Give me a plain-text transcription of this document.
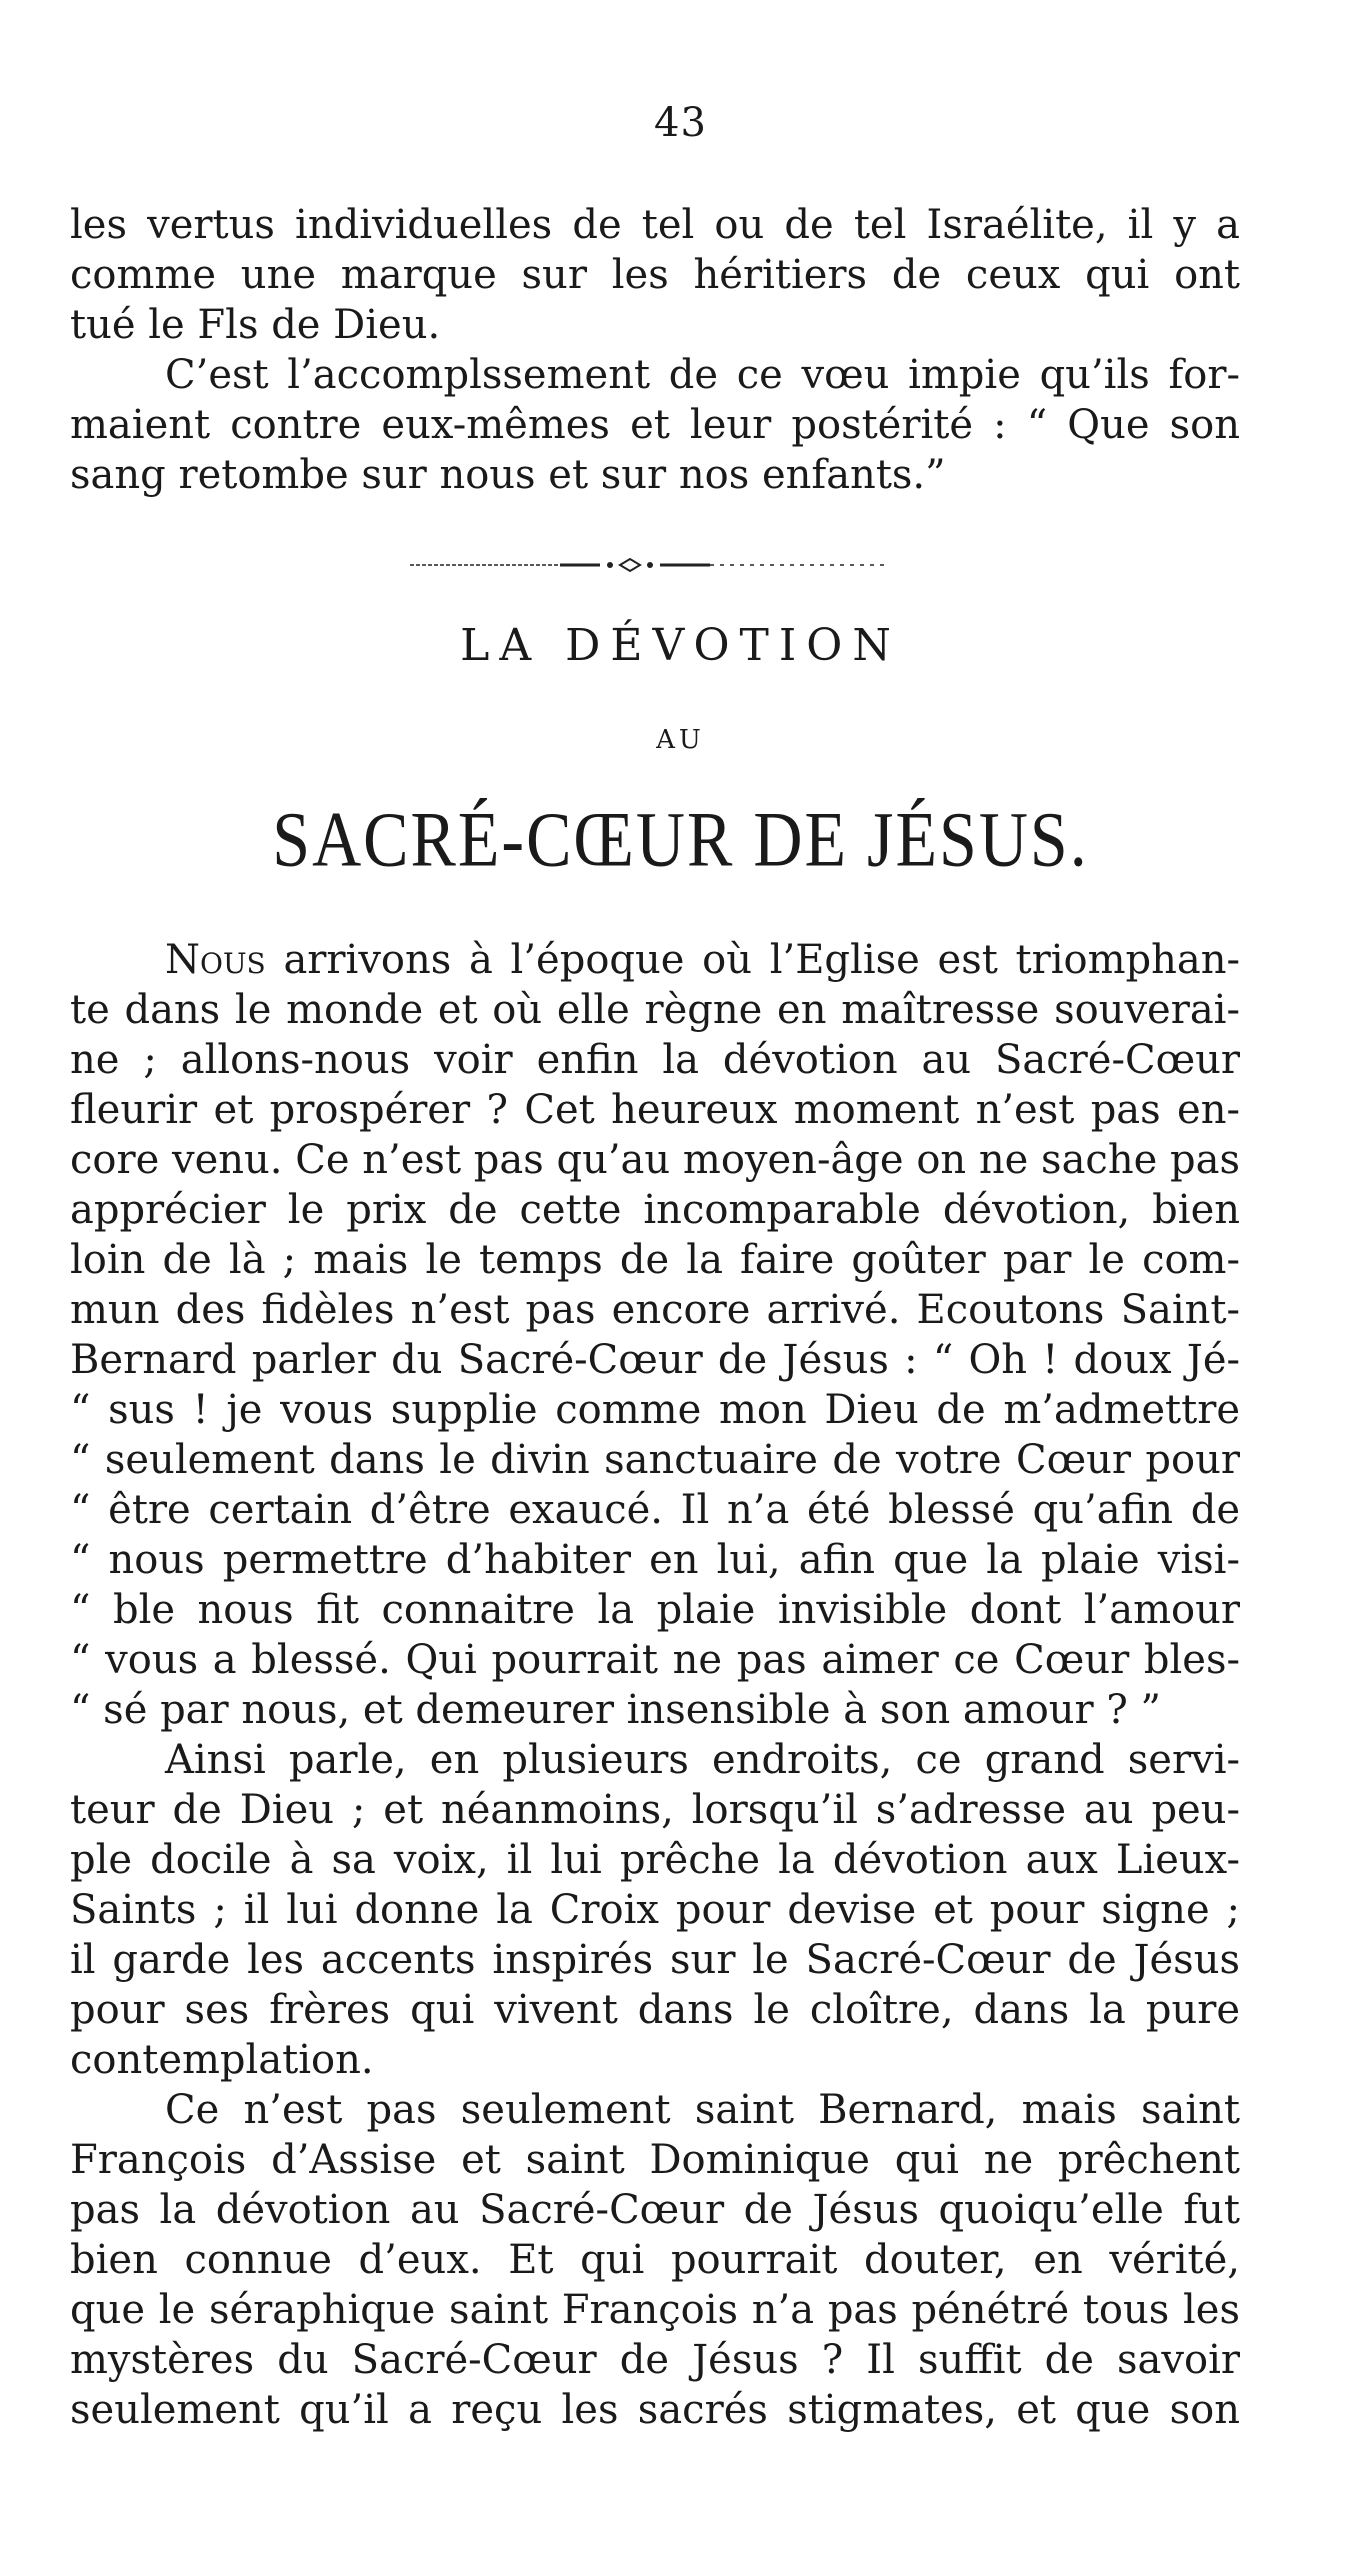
43
les vertus individuelles de tel ou de tel Israélite, il y a
comme une marque sur les héritiers de ceux qui ont
tué le Fls de Dieu.
C’est l’accomplssement de ce vœu impie qu’ils for-
maient contre eux-mêmes et leur postérité : “ Que son
sang retombe sur nous et sur nos enfants.”
LA DÉVOTION
AU
SACRÉ-CŒUR DE JÉSUS.
Nous arrivons à l’époque où l’Eglise est triomphan-
te dans le monde et où elle règne en maîtresse souverai-
ne ; allons-nous voir enfin la dévotion au Sacré-Cœur
fleurir et prospérer ? Cet heureux moment n’est pas en-
core venu. Ce n’est pas qu’au moyen-âge on ne sache pas
apprécier le prix de cette incomparable dévotion, bien
loin de là ; mais le temps de la faire goûter par le com-
mun des fidèles n’est pas encore arrivé. Ecoutons Saint-
Bernard parler du Sacré-Cœur de Jésus : “ Oh ! doux Jé-
“ sus ! je vous supplie comme mon Dieu de m’admettre
“ seulement dans le divin sanctuaire de votre Cœur pour
“ être certain d’être exaucé. Il n’a été blessé qu’afin de
“ nous permettre d’habiter en lui, afin que la plaie visi-
“ ble nous fit connaitre la plaie invisible dont l’amour
“ vous a blessé. Qui pourrait ne pas aimer ce Cœur bles-
“ sé par nous, et demeurer insensible à son amour ? ”
Ainsi parle, en plusieurs endroits, ce grand servi-
teur de Dieu ; et néanmoins, lorsqu’il s’adresse au peu-
ple docile à sa voix, il lui prêche la dévotion aux Lieux-
Saints ; il lui donne la Croix pour devise et pour signe ;
il garde les accents inspirés sur le Sacré-Cœur de Jésus
pour ses frères qui vivent dans le cloître, dans la pure
contemplation.
Ce n’est pas seulement saint Bernard, mais saint
François d’Assise et saint Dominique qui ne prêchent
pas la dévotion au Sacré-Cœur de Jésus quoiqu’elle fut
bien connue d’eux. Et qui pourrait douter, en vérité,
que le séraphique saint François n’a pas pénétré tous les
mystères du Sacré-Cœur de Jésus ? Il suffit de savoir
seulement qu’il a reçu les sacrés stigmates, et que son
